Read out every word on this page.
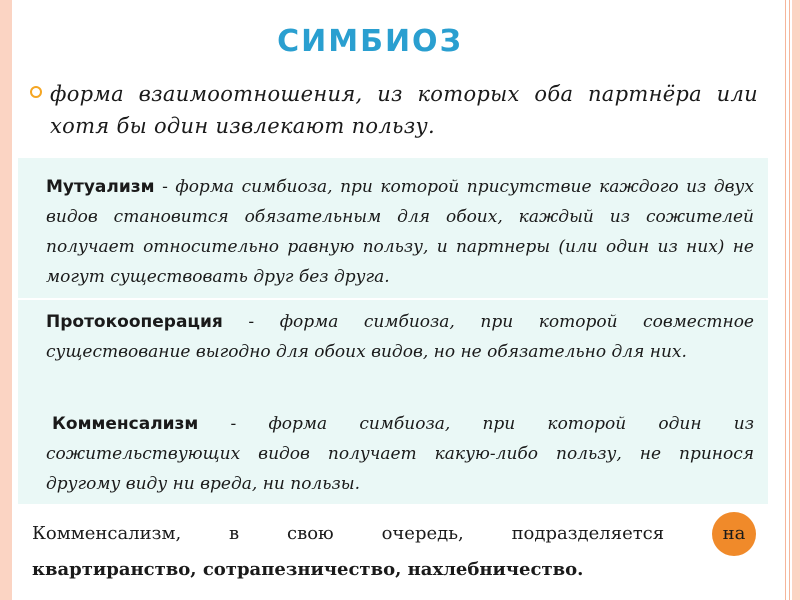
СИМБИОЗ
форма взаимоотношения, из которых оба партнёра или хотя бы один извлекают пользу.
Мутуализм - форма симбиоза, при которой присутствие каждого из двух видов становится обязательным для обоих, каждый из сожителей получает относительно равную пользу, и партнеры (или один из них) не могут существовать друг без друга.
Протокооперация - форма симбиоза, при которой совместное существование выгодно для обоих видов, но не обязательно для них.
Комменсализм - форма симбиоза, при которой один из сожительствующих видов получает какую-либо пользу, не принося другому виду ни вреда, ни пользы.
Комменсализм,	в	свою	очередь,	подразделяется	на
квартиранство, сотрапезничество, нахлебничество.
